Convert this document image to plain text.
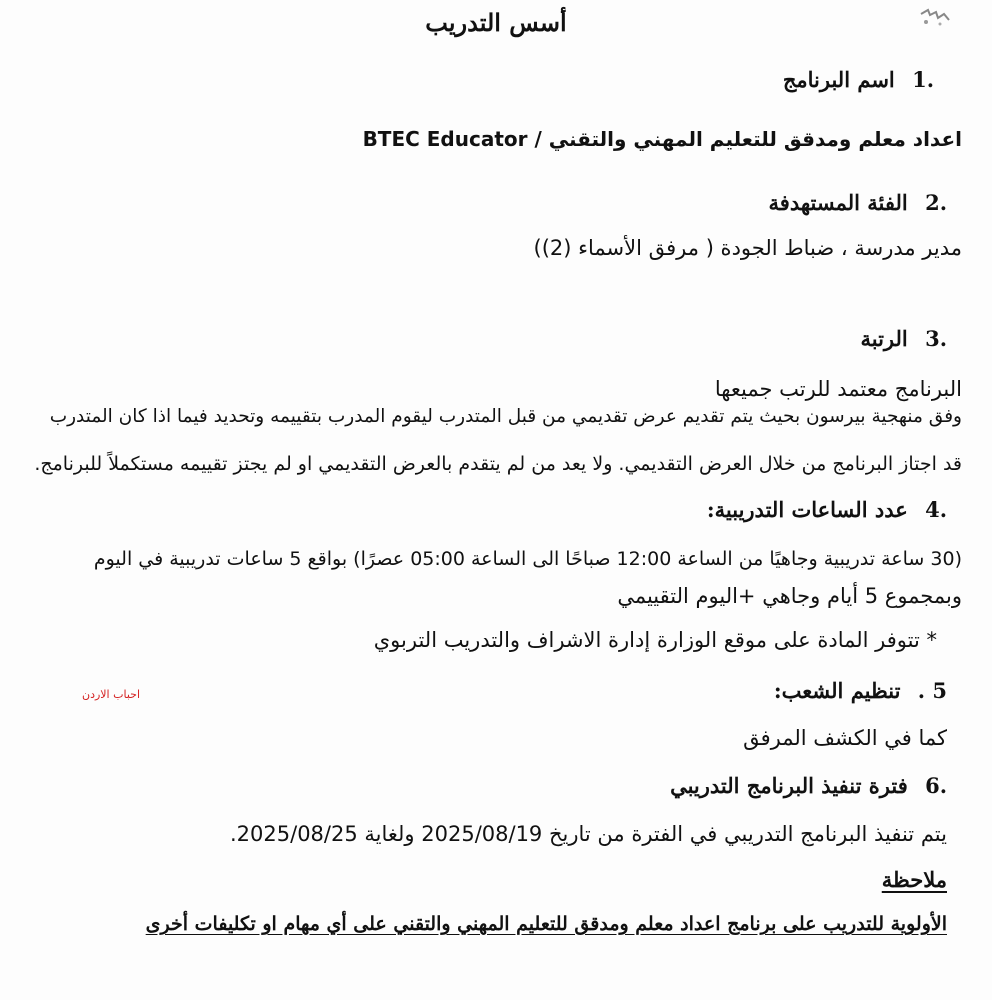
أسس التدريب
.1 اسم البرنامج
اعداد معلم ومدقق للتعليم المهني والتقني / BTEC Educator
.2 الفئة المستهدفة
مدير مدرسة ، ضباط الجودة ( مرفق الأسماء (2))
.3 الرتبة
البرنامج معتمد للرتب جميعها
وفق منهجية بيرسون بحيث يتم تقديم عرض تقديمي من قبل المتدرب ليقوم المدرب بتقييمه وتحديد فيما اذا كان المتدرب
قد اجتاز البرنامج من خلال العرض التقديمي. ولا يعد من لم يتقدم بالعرض التقديمي او لم يجتز تقييمه مستكملاً للبرنامج.
.4 عدد الساعات التدريبية:
(30 ساعة تدريبية وجاهيًا من الساعة 12:00 صباحًا الى الساعة 05:00 عصرًا) بواقع 5 ساعات تدريبية في اليوم
وبمجموع 5 أيام وجاهي +اليوم التقييمي
* تتوفر المادة على موقع الوزارة إدارة الاشراف والتدريب التربوي
5 . تنظيم الشعب:
احباب الاردن
كما في الكشف المرفق
.6 فترة تنفيذ البرنامج التدريبي
يتم تنفيذ البرنامج التدريبي في الفترة من تاريخ 2025/08/19 ولغاية 2025/08/25.
ملاحظة
الأولوية للتدريب على برنامج اعداد معلم ومدقق للتعليم المهني والتقني على أي مهام او تكليفات أخرى
